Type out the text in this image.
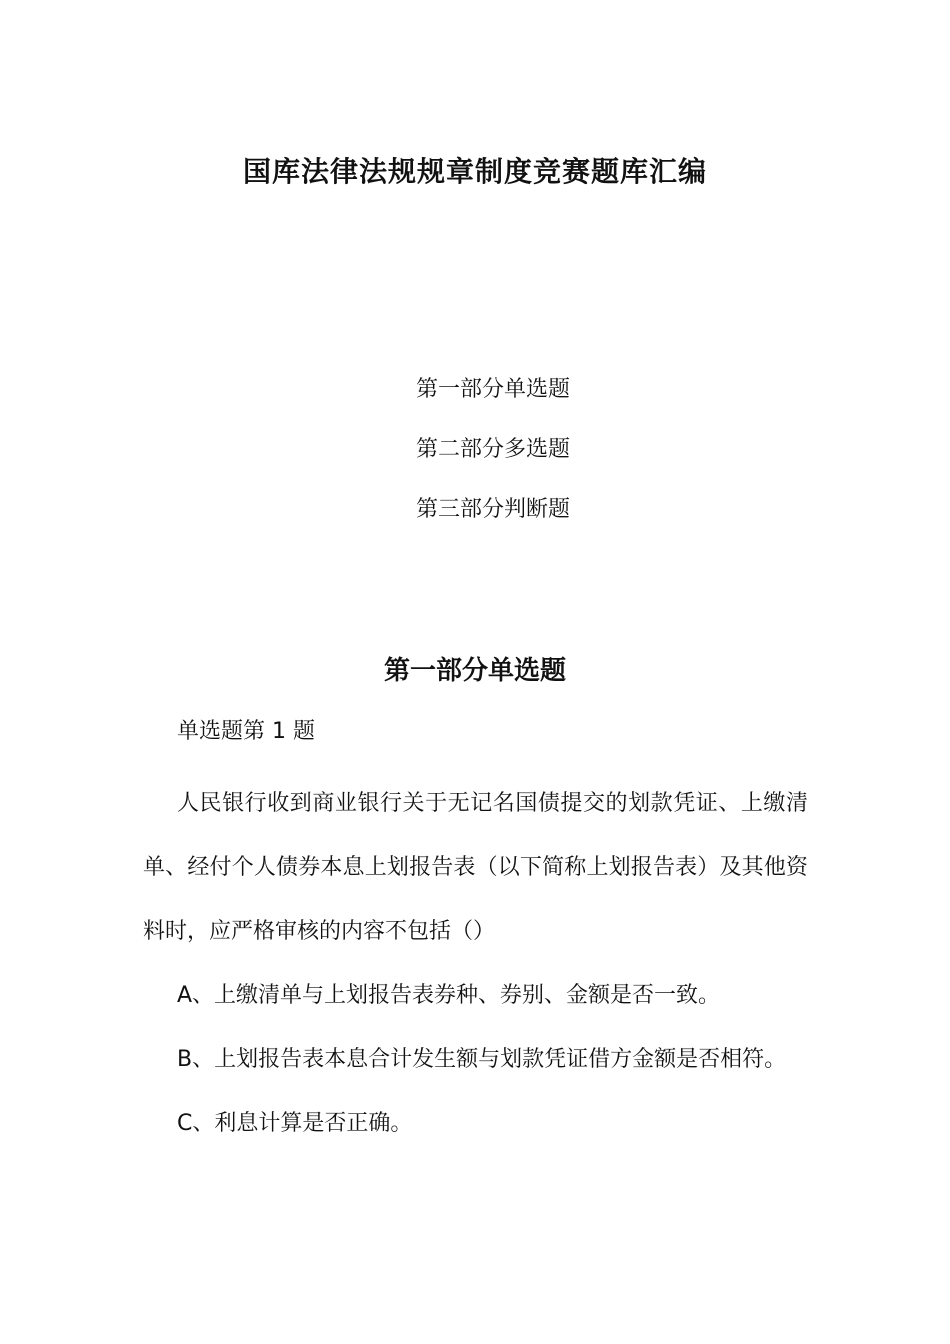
国库法律法规规章制度竞赛题库汇编
第一部分单选题
第二部分多选题
第三部分判断题
第一部分单选题
单选题第 1 题

人民银行收到商业银行关于无记名国债提交的划款凭证、上缴清单、经付个人债券本息上划报告表（以下简称上划报告表）及其他资料时，应严格审核的内容不包括（）

A、上缴清单与上划报告表券种、券别、金额是否一致。

B、上划报告表本息合计发生额与划款凭证借方金额是否相符。

C、利息计算是否正确。
